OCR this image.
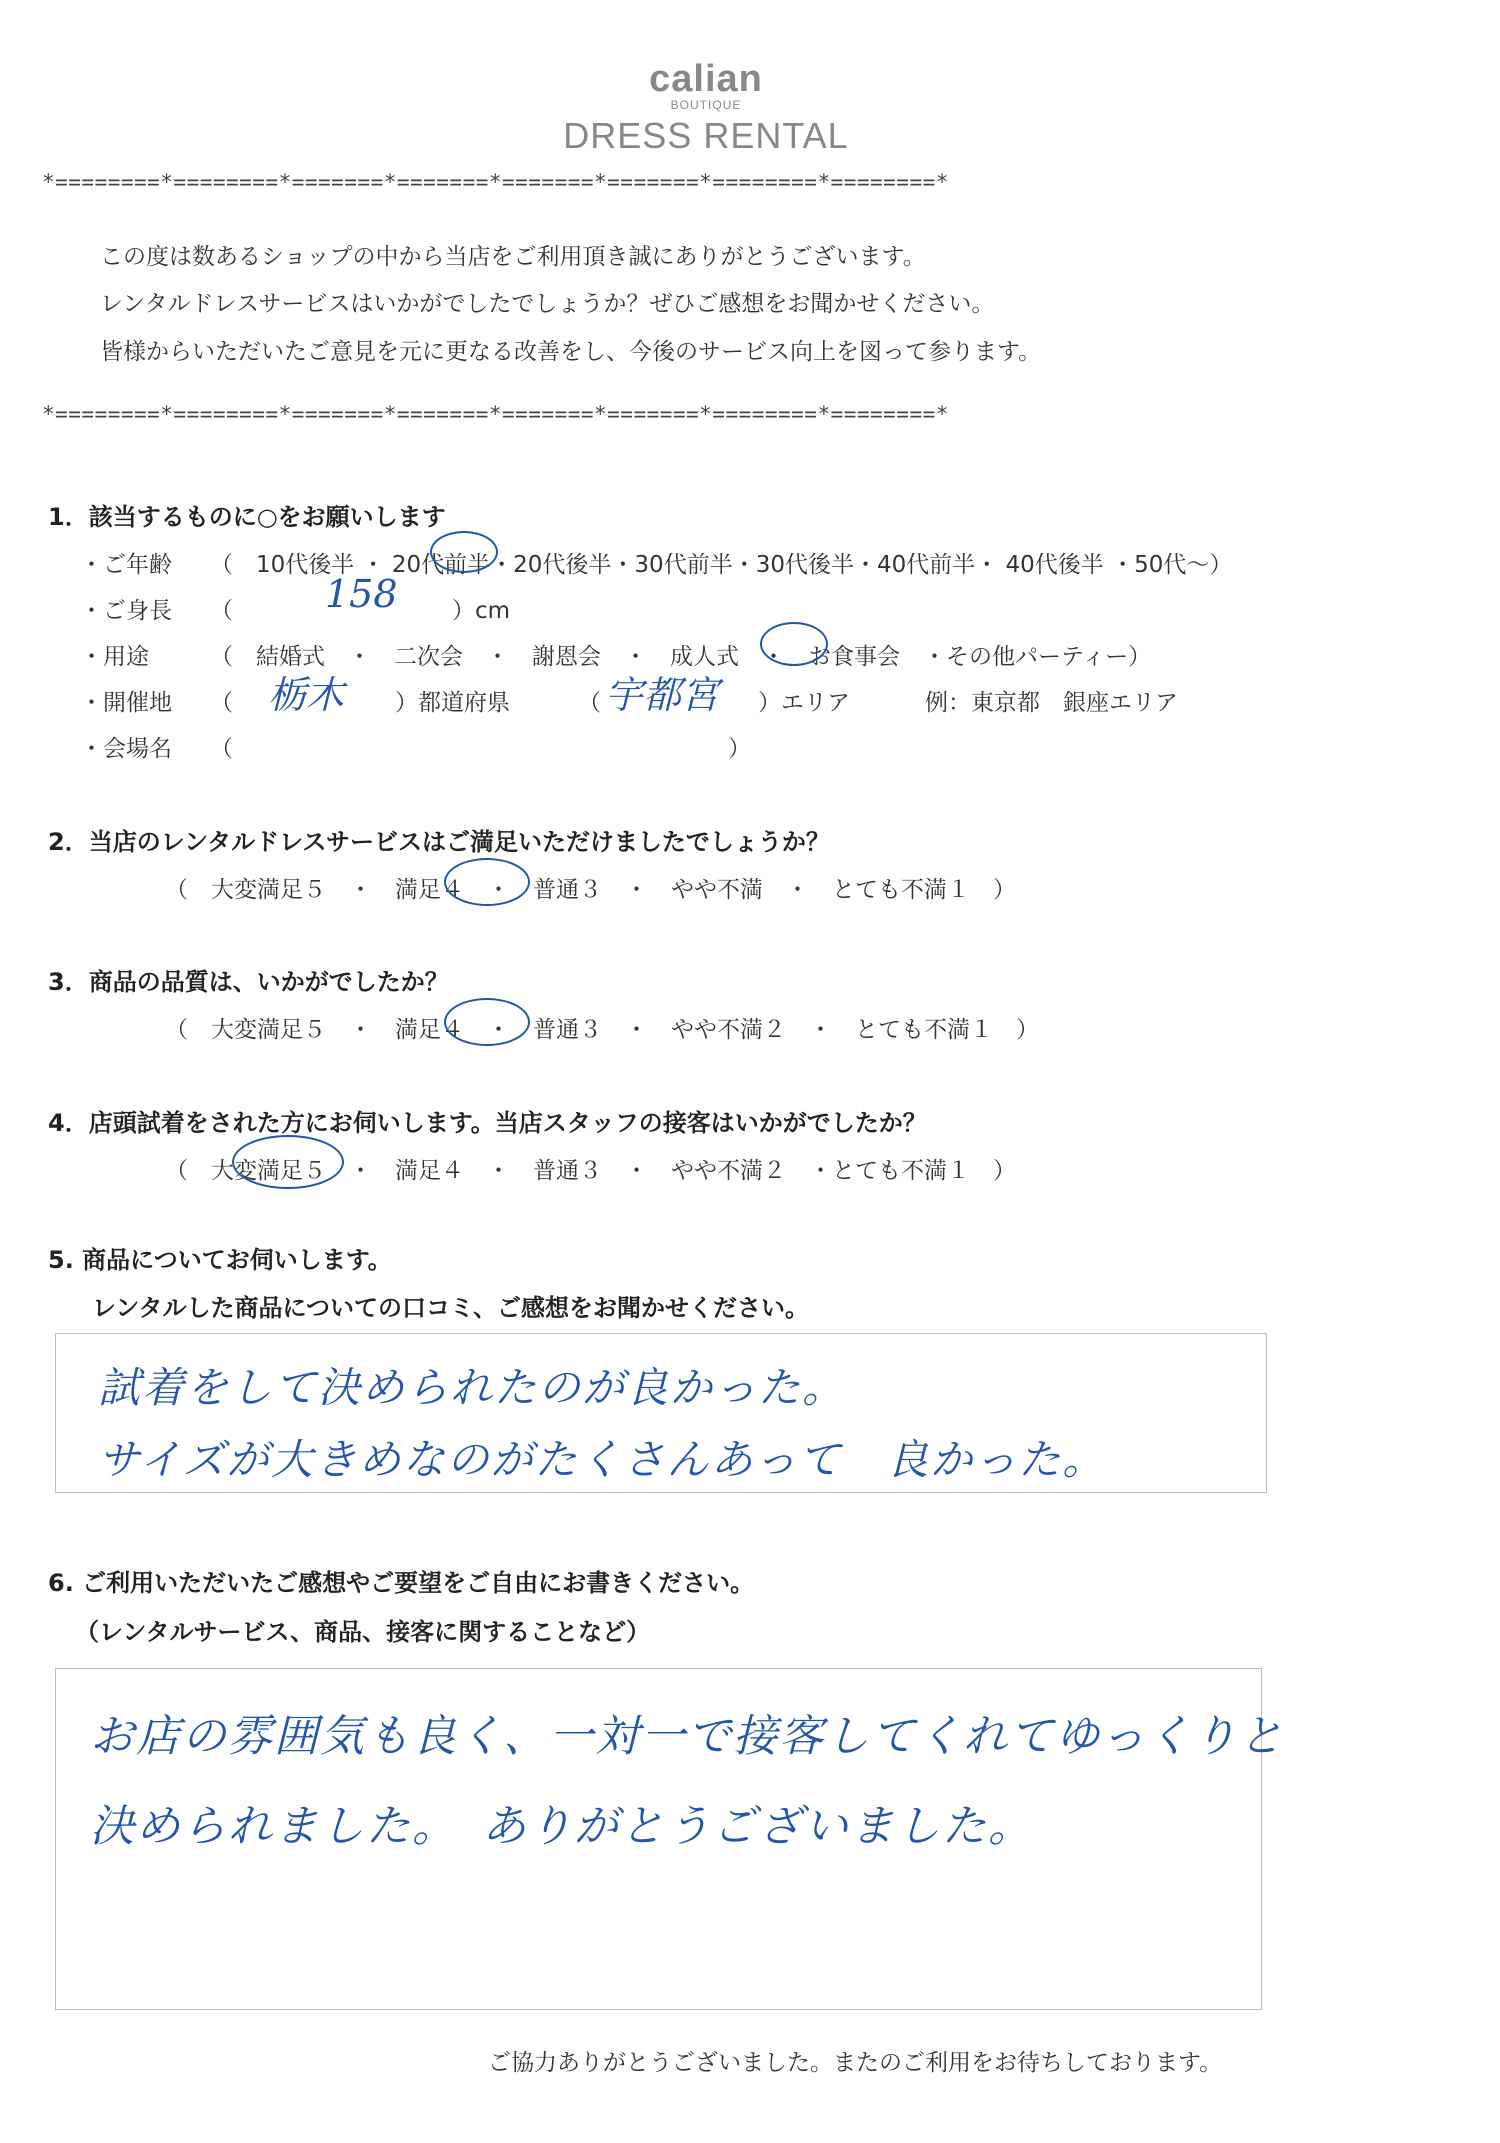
calian
BOUTIQUE
DRESS RENTAL
*========*========*=======*=======*=======*=======*========*========*
この度は数あるショップの中から当店をご利用頂き誠にありがとうございます。
レンタルドレスサービスはいかがでしたでしょうか？ぜひご感想をお聞かせください。
皆様からいただいたご意見を元に更なる改善をし、今後のサービス向上を図って参ります。
*========*========*=======*=======*=======*=======*========*========*
1．該当するものに○をお願いします
・ご年齢 （　10代後半 ・ 20代前半・20代後半・30代前半・30代後半・40代前半・ 40代後半 ・50代～）
・ご身長 （ 158 ）cm
・用途	（　結婚式　・　二次会　・　謝恩会　・　成人式　・　お食事会　・その他パーティー）
・開催地 （ 栃木 ）都道府県	（ 宇都宮 ）エリア	例：東京都　銀座エリア
・会場名 （	）
2．当店のレンタルドレスサービスはご満足いただけましたでしょうか？
（　大変満足５　・　満足４　・　普通３　・　やや不満　・　とても不満１　）
3．商品の品質は、いかがでしたか？
（　大変満足５　・　満足４　・　普通３　・　やや不満２　・　とても不満１　）
4．店頭試着をされた方にお伺いします。当店スタッフの接客はいかがでしたか？
（　大変満足５　・　満足４　・　普通３　・　やや不満２　・とても不満１　）
5. 商品についてお伺いします。
レンタルした商品についての口コミ、ご感想をお聞かせください。
試着をして決められたのが良かった。
サイズが大きめなのがたくさんあって　良かった。
6. ご利用いただいたご感想やご要望をご自由にお書きください。
（レンタルサービス、商品、接客に関することなど）
お店の雰囲気も良く、一対一で接客してくれてゆっくりと
決められました。　ありがとうございました。
ご協力ありがとうございました。またのご利用をお待ちしております。
